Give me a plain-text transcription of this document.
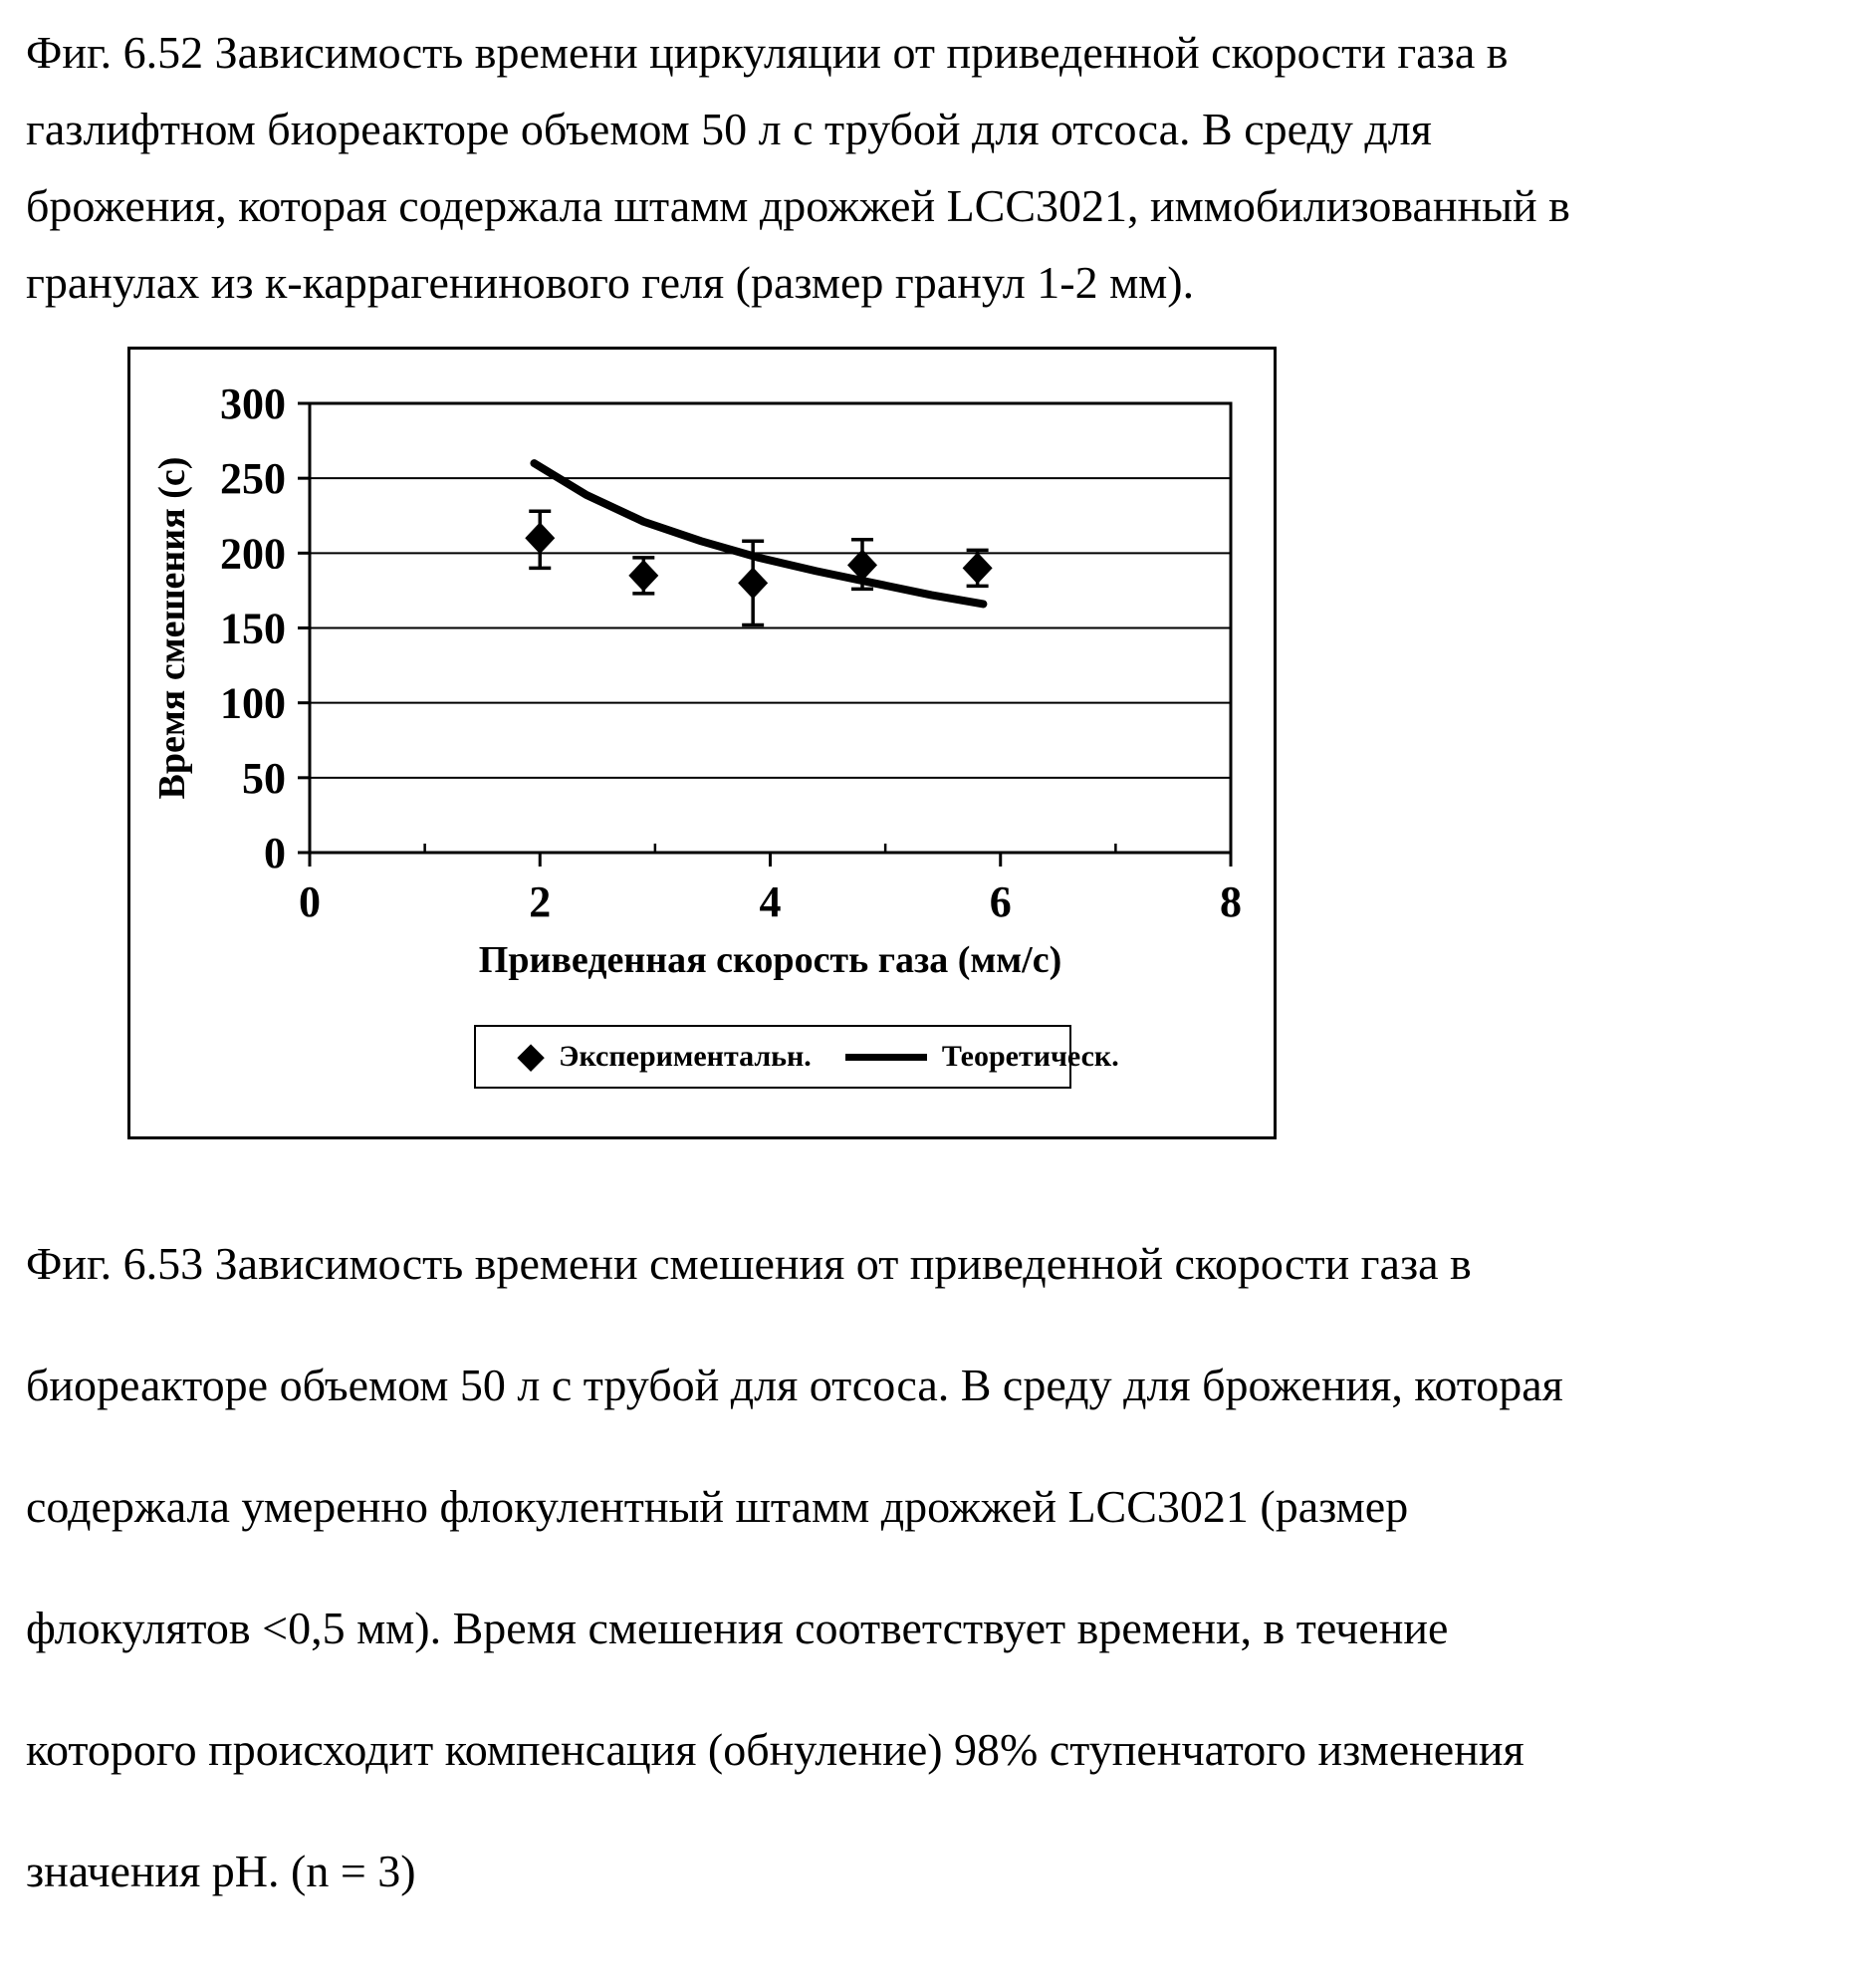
Фиг. 6.52 Зависимость времени циркуляции от приведенной скорости газа в
газлифтном биореакторе объемом 50 л с трубой для отсоса. В среду для
брожения, которая содержала штамм дрожжей LCC3021, иммобилизованный в
гранулах из к-каррагенинового геля (размер гранул 1-2 мм).
0
50
100
150
200
250
300
0	2	4	6	8
Приведенная скорость газа (мм/с)
Время смешения (с)
◆ Экспериментальн.	Теоретическ.
Фиг. 6.53 Зависимость времени смешения от приведенной скорости газа в
биореакторе объемом 50 л с трубой для отсоса. В среду для брожения, которая
содержала умеренно флокулентный штамм дрожжей LCC3021 (размер
флокулятов <0,5 мм). Время смешения соответствует времени, в течение
которого происходит компенсация (обнуление) 98% ступенчатого изменения
значения pH. (n = 3)
